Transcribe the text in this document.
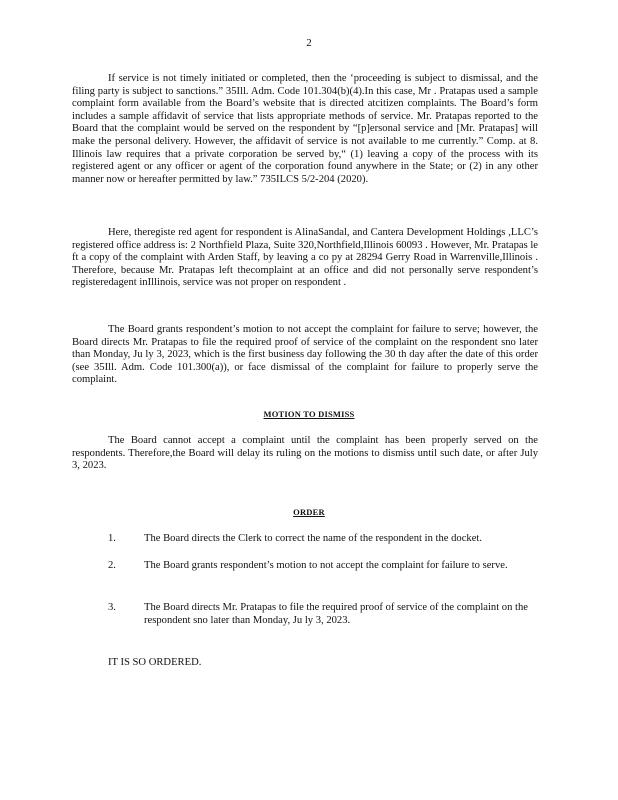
2

If service is not timely initiated or completed, then the ‘proceeding is subject to dismissal, and the filing party is subject to sanctions.” 35Ill. Adm. Code 101.304(b)(4).In this case, Mr . Pratapas used a sample complaint form available from the Board’s website that is directed atcitizen complaints. The Board’s form includes a sample affidavit of service that lists appropriate methods of service. Mr. Pratapas reported to the Board that the complaint would be served on the respondent by “[p]ersonal service and [Mr. Pratapas] will make the personal delivery. However, the affidavit of service is not available to me currently.” Comp. at 8. Illinois law requires that a private corporation be served by,“ (1) leaving a copy of the process with its registered agent or any officer or agent of the corporation found anywhere in the State; or (2) in any other manner now or hereafter permitted by law.” 735ILCS 5/2-204 (2020).

Here, theregiste red agent for respondent is AlinaSandal, and Cantera Development Holdings ,LLC’s registered office address is: 2 Northfield Plaza, Suite 320,Northfield,Illinois 60093 . However, Mr. Pratapas le ft a copy of the complaint with Arden Staff, by leaving a co py at 28294 Gerry Road in Warrenville,Illinois . Therefore, because Mr. Pratapas left thecomplaint at an office and did not personally serve respondent’s registeredagent inIllinois, service was not proper on respondent .

The Board grants respondent’s motion to not accept the complaint for failure to serve; however, the Board directs Mr. Pratapas to file the required proof of service of the complaint on the respondent sno later than Monday, Ju ly 3, 2023, which is the first business day following the 30 th day after the date of this order (see 35Ill. Adm. Code 101.300(a)), or face dismissal of the complaint for failure to properly serve the complaint.

MOTION TO DISMISS

The Board cannot accept a complaint until the complaint has been properly served on the respondents. Therefore,the Board will delay its ruling on the motions to dismiss until such date, or after July 3, 2023.

ORDER
1.	The Board directs the Clerk to correct the name of the respondent in the docket.
2.	The Board grants respondent’s motion to not accept the complaint for failure to serve.
3.	The Board directs Mr. Pratapas to file the required proof of service of the complaint on the respondent sno later than Monday, Ju ly 3, 2023.
IT IS SO ORDERED.
